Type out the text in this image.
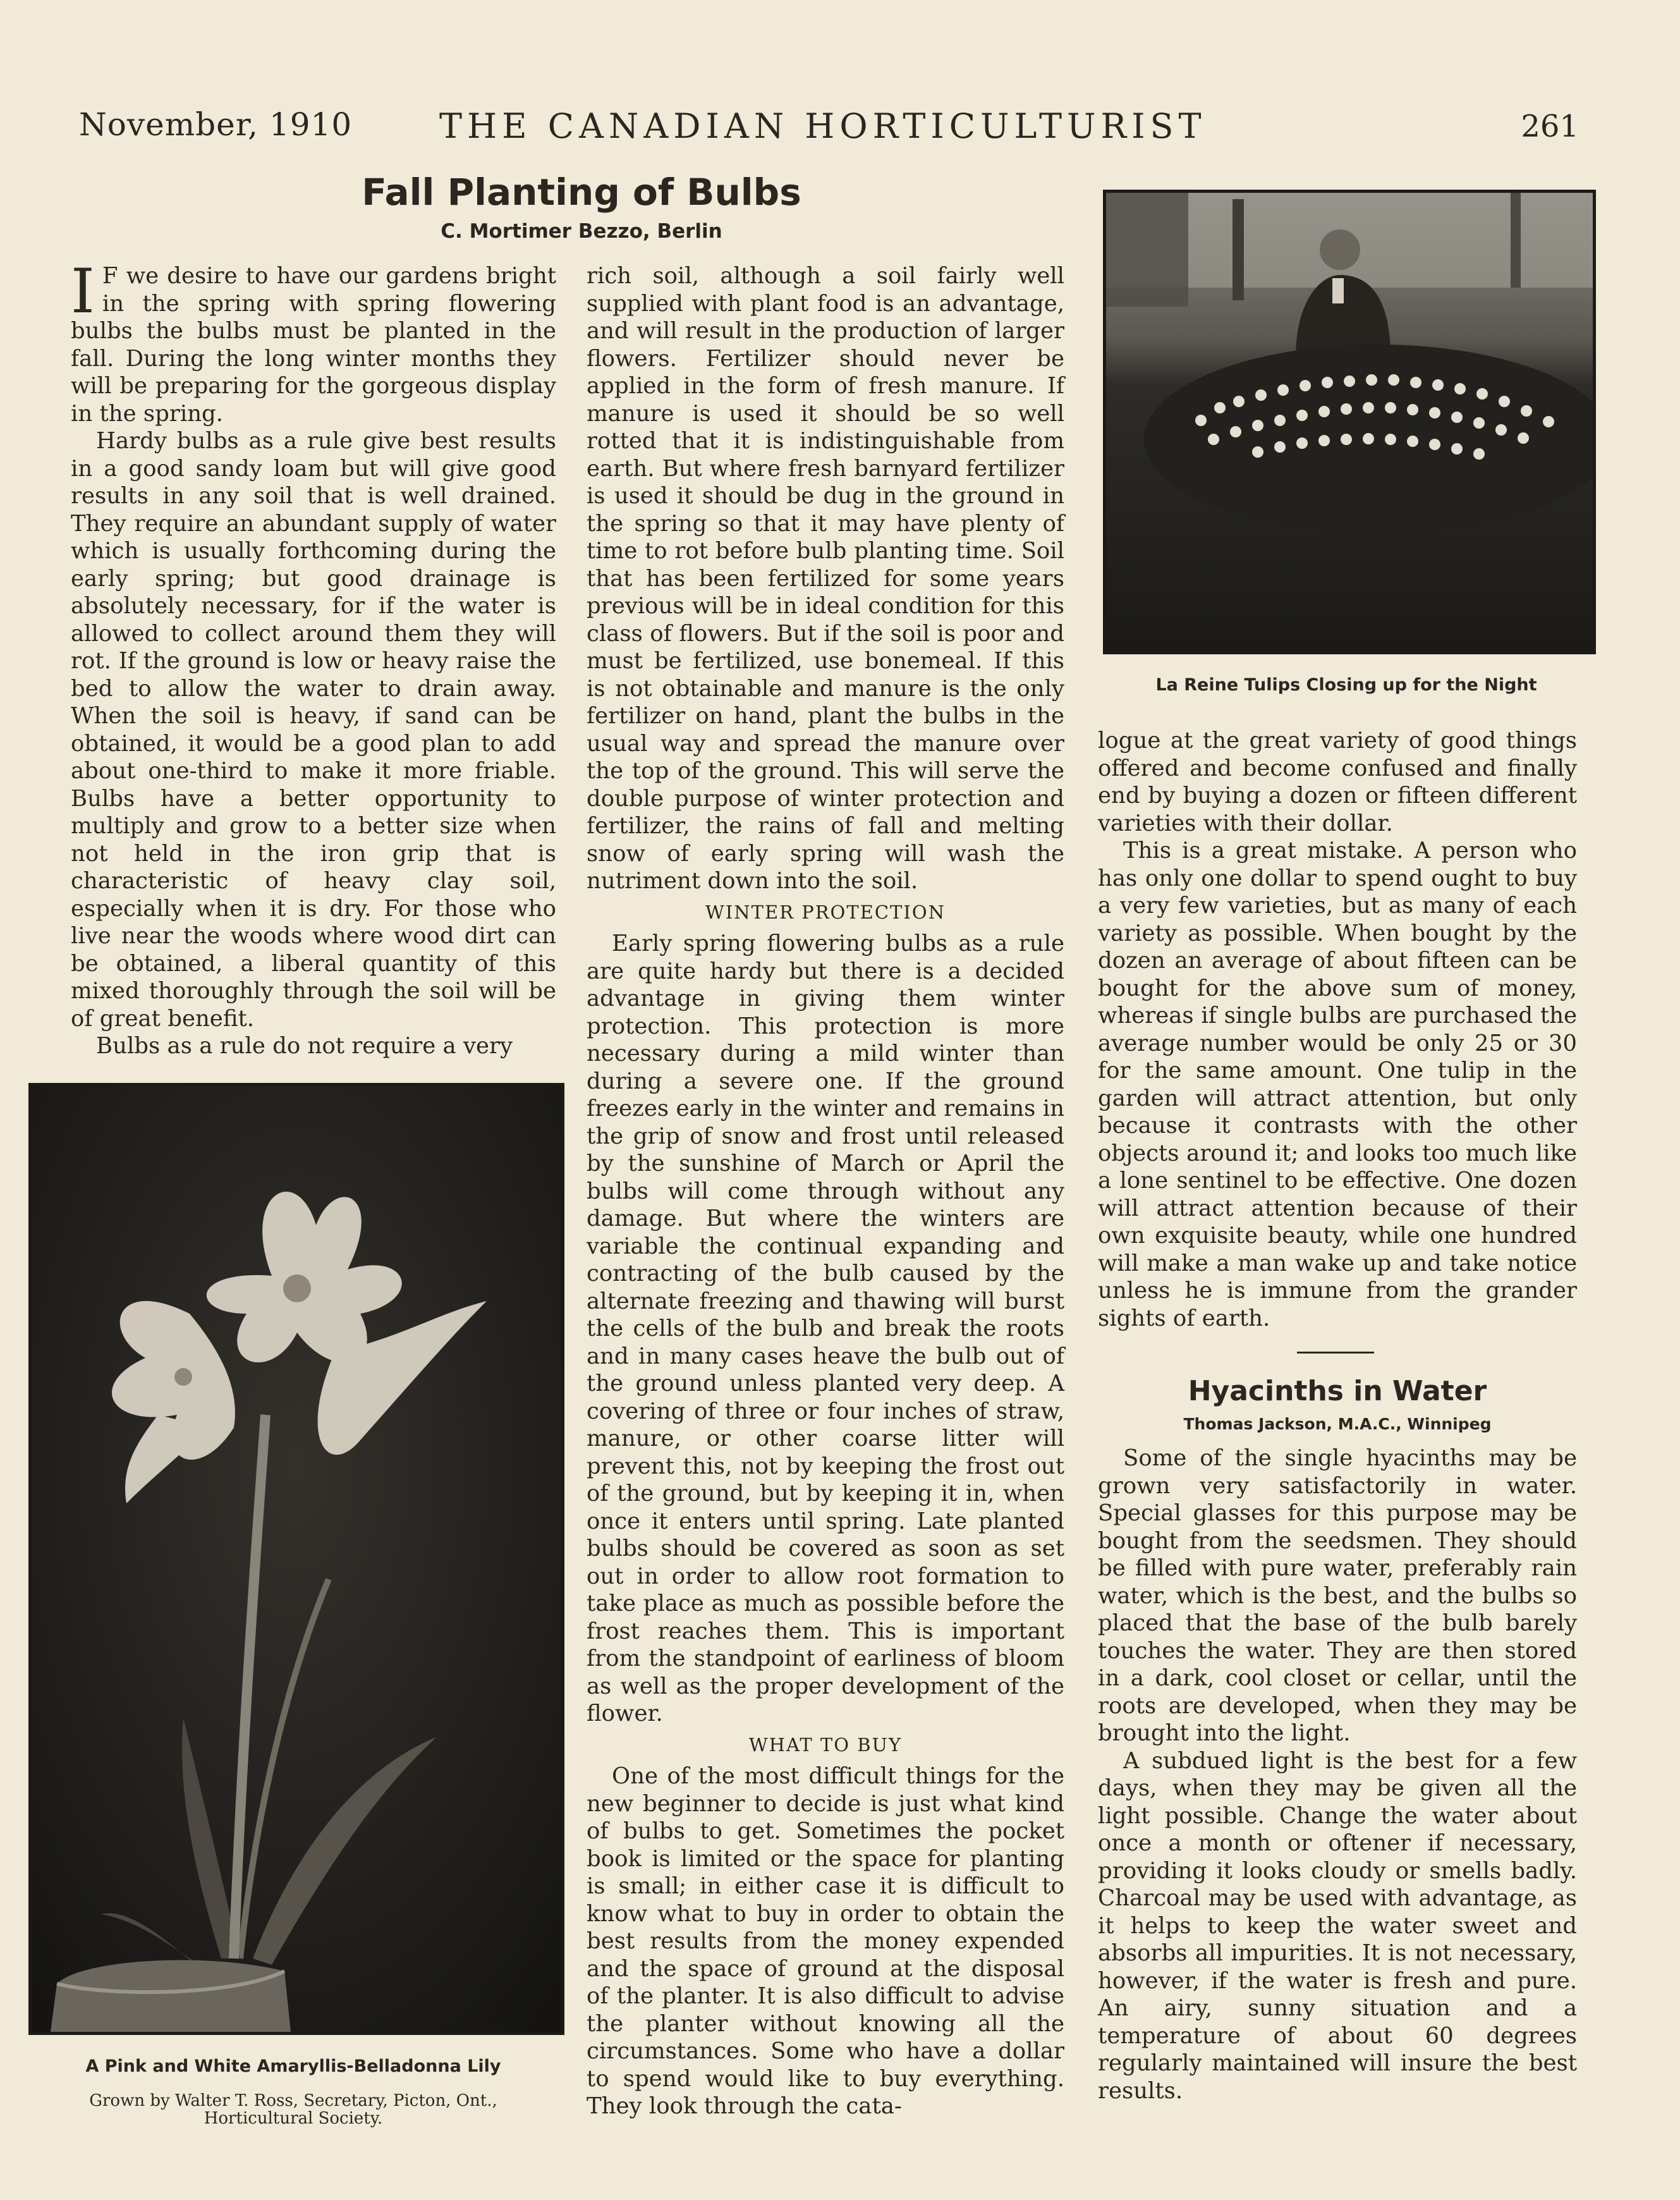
November, 1910	THE CANADIAN HORTICULTURIST	261
Fall Planting of Bulbs
C. Mortimer Bezzo, Berlin
I F we desire to have our gardens bright in the spring with spring flowering bulbs the bulbs must be planted in the fall. During the long winter months they will be preparing for the gorgeous display in the spring.

Hardy bulbs as a rule give best results in a good sandy loam but will give good results in any soil that is well drained. They require an abundant supply of water which is usually forthcoming during the early spring; but good drainage is absolutely necessary, for if the water is allowed to collect around them they will rot. If the ground is low or heavy raise the bed to allow the water to drain away. When the soil is heavy, if sand can be obtained, it would be a good plan to add about one-third to make it more friable. Bulbs have a better opportunity to multiply and grow to a better size when not held in the iron grip that is characteristic of heavy clay soil, especially when it is dry. For those who live near the woods where wood dirt can be obtained, a liberal quantity of this mixed thoroughly through the soil will be of great benefit.

Bulbs as a rule do not require a very

A Pink and White Amaryllis-Belladonna Lily
Grown by Walter T. Ross, Secretary, Picton, Ont.,
Horticultural Society.

rich soil, although a soil fairly well supplied with plant food is an advantage, and will result in the production of larger flowers. Fertilizer should never be applied in the form of fresh manure. If manure is used it should be so well rotted that it is indistinguishable from earth. But where fresh barnyard fertilizer is used it should be dug in the ground in the spring so that it may have plenty of time to rot before bulb planting time. Soil that has been fertilized for some years previous will be in ideal condition for this class of flowers. But if the soil is poor and must be fertilized, use bonemeal. If this is not obtainable and manure is the only fertilizer on hand, plant the bulbs in the usual way and spread the manure over the top of the ground. This will serve the double purpose of winter protection and fertilizer, the rains of fall and melting snow of early spring will wash the nutriment down into the soil.

WINTER PROTECTION

Early spring flowering bulbs as a rule are quite hardy but there is a decided advantage in giving them winter protection. This protection is more necessary during a mild winter than during a severe one. If the ground freezes early in the winter and remains in the grip of snow and frost until released by the sunshine of March or April the bulbs will come through without any damage. But where the winters are variable the continual expanding and contracting of the bulb caused by the alternate freezing and thawing will burst the cells of the bulb and break the roots and in many cases heave the bulb out of the ground unless planted very deep. A covering of three or four inches of straw, manure, or other coarse litter will prevent this, not by keeping the frost out of the ground, but by keeping it in, when once it enters until spring. Late planted bulbs should be covered as soon as set out in order to allow root formation to take place as much as possible before the frost reaches them. This is important from the standpoint of earliness of bloom as well as the proper development of the flower.

WHAT TO BUY

One of the most difficult things for the new beginner to decide is just what kind of bulbs to get. Sometimes the pocket book is limited or the space for planting is small; in either case it is difficult to know what to buy in order to obtain the best results from the money expended and the space of ground at the disposal of the planter. It is also difficult to advise the planter without knowing all the circumstances. Some who have a dollar to spend would like to buy everything. They look through the cata-

La Reine Tulips Closing up for the Night

logue at the great variety of good things offered and become confused and finally end by buying a dozen or fifteen different varieties with their dollar.

This is a great mistake. A person who has only one dollar to spend ought to buy a very few varieties, but as many of each variety as possible. When bought by the dozen an average of about fifteen can be bought for the above sum of money, whereas if single bulbs are purchased the average number would be only 25 or 30 for the same amount. One tulip in the garden will attract attention, but only because it contrasts with the other objects around it; and looks too much like a lone sentinel to be effective. One dozen will attract attention because of their own exquisite beauty, while one hundred will make a man wake up and take notice unless he is immune from the grander sights of earth.

Hyacinths in Water
Thomas Jackson, M.A.C., Winnipeg

Some of the single hyacinths may be grown very satisfactorily in water. Special glasses for this purpose may be bought from the seedsmen. They should be filled with pure water, preferably rain water, which is the best, and the bulbs so placed that the base of the bulb barely touches the water. They are then stored in a dark, cool closet or cellar, until the roots are developed, when they may be brought into the light.

A subdued light is the best for a few days, when they may be given all the light possible. Change the water about once a month or oftener if necessary, providing it looks cloudy or smells badly. Charcoal may be used with advantage, as it helps to keep the water sweet and absorbs all impurities. It is not necessary, however, if the water is fresh and pure. An airy, sunny situation and a temperature of about 60 degrees regularly maintained will insure the best results.
